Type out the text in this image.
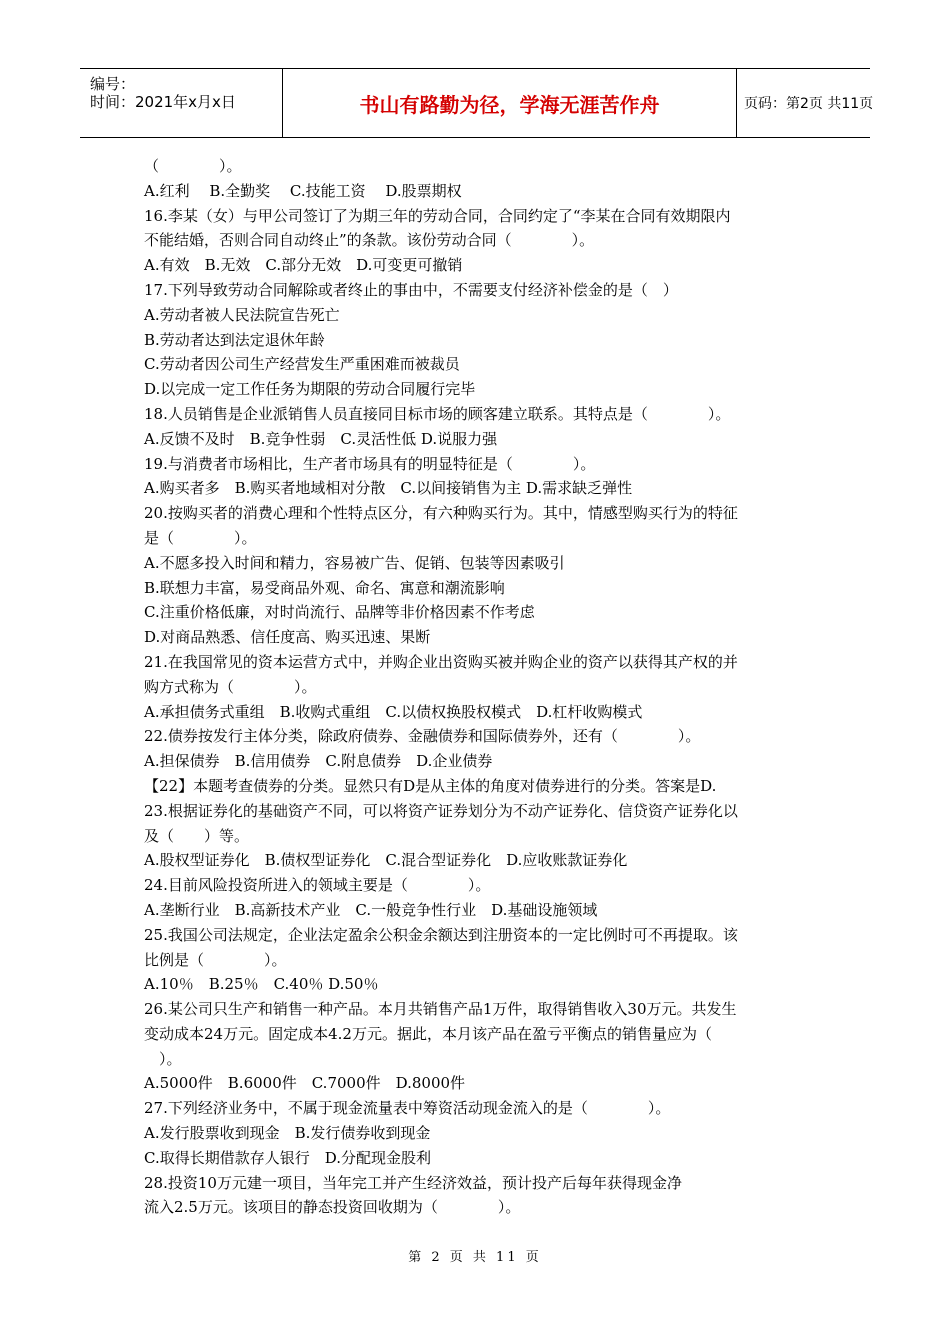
编号：
时间：2021年x月x日	书山有路勤为径，学海无涯苦作舟	页码：第2页 共11页
（　　　　）。
A.红利　 B.全勤奖　 C.技能工资　 D.股票期权
16.李某（女）与甲公司签订了为期三年的劳动合同，合同约定了“李某在合同有效期限内
不能结婚，否则合同自动终止”的条款。该份劳动合同（　　　　）。
A.有效　B.无效　C.部分无效　D.可变更可撤销
17.下列导致劳动合同解除或者终止的事由中，不需要支付经济补偿金的是（　）
A.劳动者被人民法院宣告死亡
B.劳动者达到法定退休年龄
C.劳动者因公司生产经营发生严重困难而被裁员
D.以完成一定工作任务为期限的劳动合同履行完毕
18.人员销售是企业派销售人员直接同目标市场的顾客建立联系。其特点是（　　　　）。
A.反馈不及时　B.竞争性弱　C.灵活性低 D.说服力强
19.与消费者市场相比，生产者市场具有的明显特征是（　　　　）。
A.购买者多　B.购买者地域相对分散　C.以间接销售为主 D.需求缺乏弹性
20.按购买者的消费心理和个性特点区分，有六种购买行为。其中，情感型购买行为的特征
是（　　　　）。
A.不愿多投入时间和精力，容易被广告、促销、包装等因素吸引
B.联想力丰富，易受商品外观、命名、寓意和潮流影响
C.注重价格低廉，对时尚流行、品牌等非价格因素不作考虑
D.对商品熟悉、信任度高、购买迅速、果断
21.在我国常见的资本运营方式中，并购企业出资购买被并购企业的资产以获得其产权的并
购方式称为（　　　　）。
A.承担债务式重组　B.收购式重组　C.以债权换股权模式　D.杠杆收购模式
22.债券按发行主体分类，除政府债券、金融债券和国际债券外，还有（　　　　）。
A.担保债券　B.信用债券　C.附息债券　D.企业债券
【22】本题考查债券的分类。显然只有D是从主体的角度对债券进行的分类。答案是D.
23.根据证券化的基础资产不同，可以将资产证券划分为不动产证券化、信贷资产证券化以
及（　　）等。
A.股权型证券化　B.债权型证券化　C.混合型证券化　D.应收账款证券化
24.目前风险投资所进入的领域主要是（　　　　）。
A.垄断行业　B.高新技术产业　C.一般竞争性行业　D.基础设施领域
25.我国公司法规定，企业法定盈余公积金余额达到注册资本的一定比例时可不再提取。该
比例是（　　　　）。
A.10％　B.25％　C.40％ D.50％
26.某公司只生产和销售一种产品。本月共销售产品1万件，取得销售收入30万元。共发生
变动成本24万元。固定成本4.2万元。据此，本月该产品在盈亏平衡点的销售量应为（
　）。
A.5000件　B.6000件　C.7000件　D.8000件
27.下列经济业务中，不属于现金流量表中筹资活动现金流入的是（　　　　）。
A.发行股票收到现金　B.发行债券收到现金
C.取得长期借款存人银行　D.分配现金股利
28.投资10万元建一项目，当年完工并产生经济效益，预计投产后每年获得现金净
流入2.5万元。该项目的静态投资回收期为（　　　　）。
第 2 页 共 11 页
